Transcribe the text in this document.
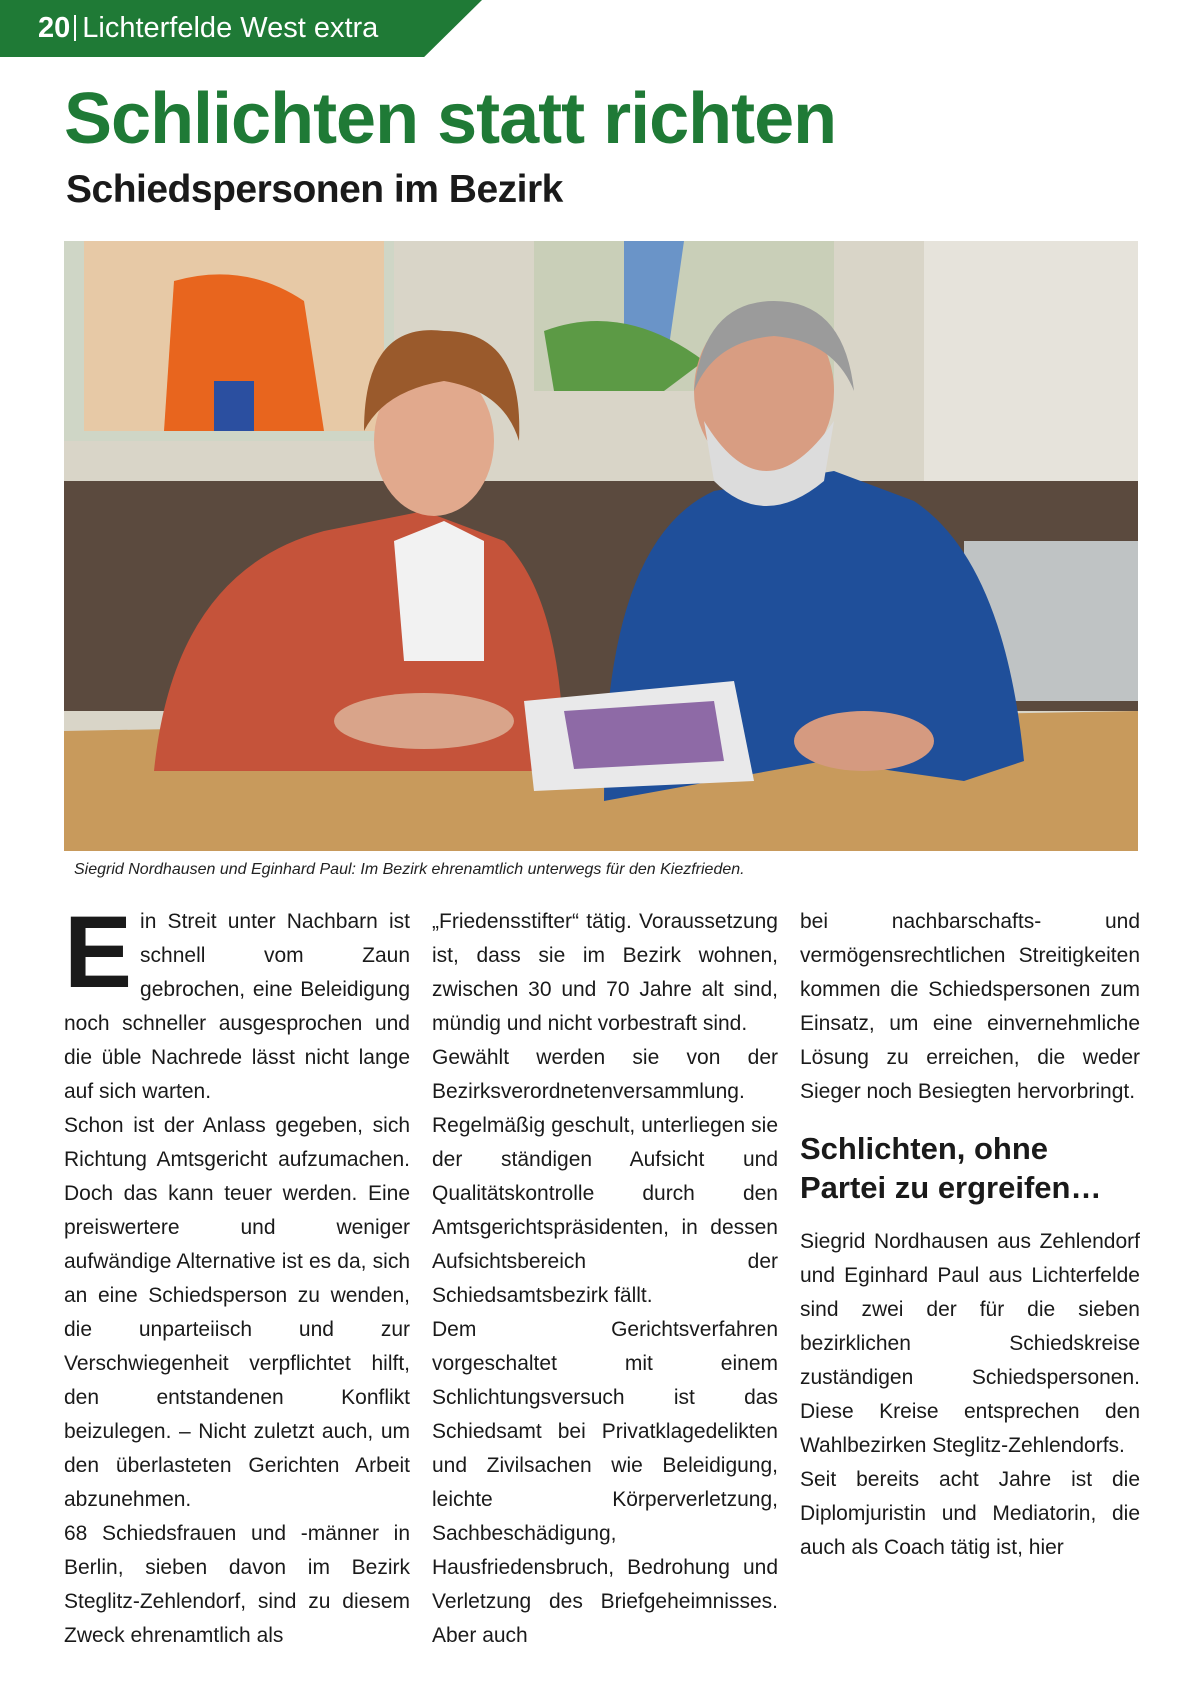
20 Lichterfelde West extra
Schlichten statt richten
Schiedspersonen im Bezirk
Siegrid Nordhausen und Eginhard Paul: Im Bezirk ehrenamtlich unterwegs für den Kiezfrieden.

Ein Streit unter Nachbarn ist schnell vom Zaun gebrochen, eine Beleidigung noch schneller ausgesprochen und die üble Nachrede lässt nicht lange auf sich warten.

Schon ist der Anlass gegeben, sich Richtung Amtsgericht aufzumachen. Doch das kann teuer werden. Eine preiswertere und weniger aufwändige Alternative ist es da, sich an eine Schiedsperson zu wenden, die unparteiisch und zur Verschwiegenheit verpflichtet hilft, den entstandenen Konflikt beizulegen. – Nicht zuletzt auch, um den überlasteten Gerichten Arbeit abzunehmen.

68 Schiedsfrauen und -männer in Berlin, sieben davon im Bezirk Steglitz-Zehlendorf, sind zu diesem Zweck ehrenamtlich als

„Friedensstifter“ tätig. Voraussetzung ist, dass sie im Bezirk wohnen, zwischen 30 und 70 Jahre alt sind, mündig und nicht vorbestraft sind.

Gewählt werden sie von der Bezirksverordnetenversammlung. Regelmäßig geschult, unterliegen sie der ständigen Aufsicht und Qualitätskontrolle durch den Amtsgerichtspräsidenten, in dessen Aufsichtsbereich der Schiedsamtsbezirk fällt.

Dem Gerichtsverfahren vorgeschaltet mit einem Schlichtungsversuch ist das Schiedsamt bei Privatklagedelikten und Zivilsachen wie Beleidigung, leichte Körperverletzung, Sachbeschädigung, Hausfriedensbruch, Bedrohung und Verletzung des Briefgeheimnisses. Aber auch

bei nachbarschafts- und vermögensrechtlichen Streitigkeiten kommen die Schiedspersonen zum Einsatz, um eine einvernehmliche Lösung zu erreichen, die weder Sieger noch Besiegten hervorbringt.

Schlichten, ohne Partei zu ergreifen…

Siegrid Nordhausen aus Zehlendorf und Eginhard Paul aus Lichterfelde sind zwei der für die sieben bezirklichen Schiedskreise zuständigen Schiedspersonen. Diese Kreise entsprechen den Wahlbezirken Steglitz-Zehlendorfs.

Seit bereits acht Jahre ist die Diplomjuristin und Mediatorin, die auch als Coach tätig ist, hier
